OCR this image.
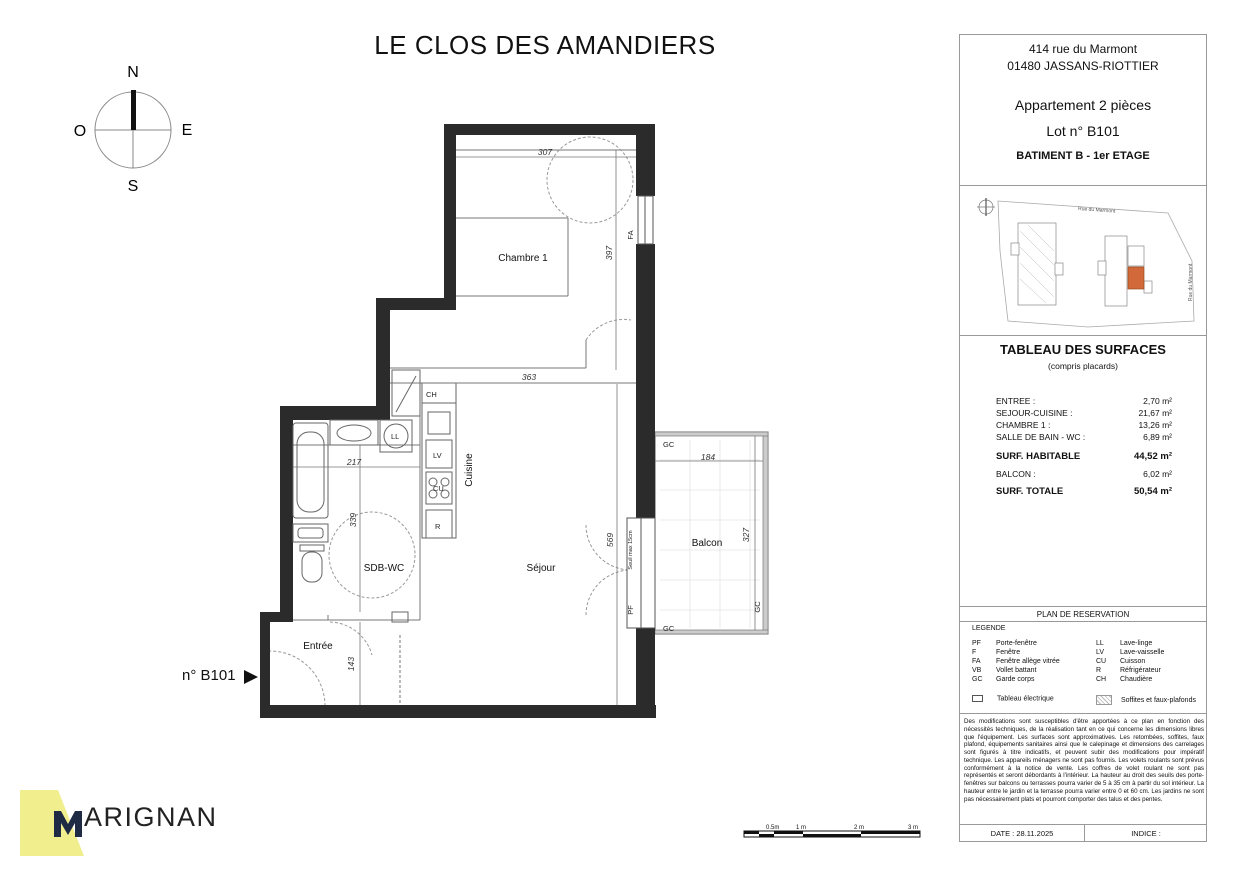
LE CLOS DES AMANDIERS
N
S
E
O
307
397
363
217
339
143
569
184
327
CH
LL
LV
CU
R
FA
PF
Seuil max 15cm
GC
GC
GC
Chambre 1
Séjour
Cuisine
SDB-WC
Entrée
Balcon
0.5m	1 m	2 m	3 m
n° B101
ARIGNAN
414 rue du Marmont
01480 JASSANS-RIOTTIER
Appartement 2 pièces
Lot n° B101
BATIMENT B - 1er ETAGE
Rue du Marmont
Rue du Marmont
TABLEAU DES SURFACES
(compris placards)
ENTREE :	2,70 m²
SEJOUR-CUISINE :	21,67 m²
CHAMBRE 1 :	13,26 m²
SALLE DE BAIN - WC :	6,89 m²
SURF. HABITABLE	44,52 m²
BALCON :	6,02 m²
SURF. TOTALE	50,54 m²
PLAN DE RESERVATION
LEGENDE
PF Porte-fenêtre
F	Fenêtre
FA Fenêtre allège vitrée
VB Vollet battant
GC Garde corps
LL Lave-linge
LV Lave-vaisselle
CU Cuisson
R	Réfrigérateur
CH Chaudière
Tableau électrique	Soffites et faux-plafonds
Des modifications sont susceptibles d'être apportées à ce plan en fonction des nécessités techniques, de la réalisation tant en ce qui concerne les dimensions libres que l'équipement. Les surfaces sont approximatives. Les retombées, soffites, faux plafond, équipements sanitaires ainsi que le calepinage et dimensions des carrelages sont figurés à titre indicatifs, et peuvent subir des modifications pour impératif technique. Les appareils ménagers ne sont pas fournis. Les volets roulants sont prévus conformément à la notice de vente. Les coffres de volet roulant ne sont pas représentés et seront débordants à l'intérieur. La hauteur au droit des seuils des porte-fenêtres sur balcons ou terrasses pourra varier de 5 à 35 cm à partir du sol intérieur. La hauteur entre le jardin et la terrasse pourra varier entre 0 et 60 cm. Les jardins ne sont pas nécessairement plats et pourront comporter des talus et des pentes.
DATE : 28.11.2025	INDICE :
